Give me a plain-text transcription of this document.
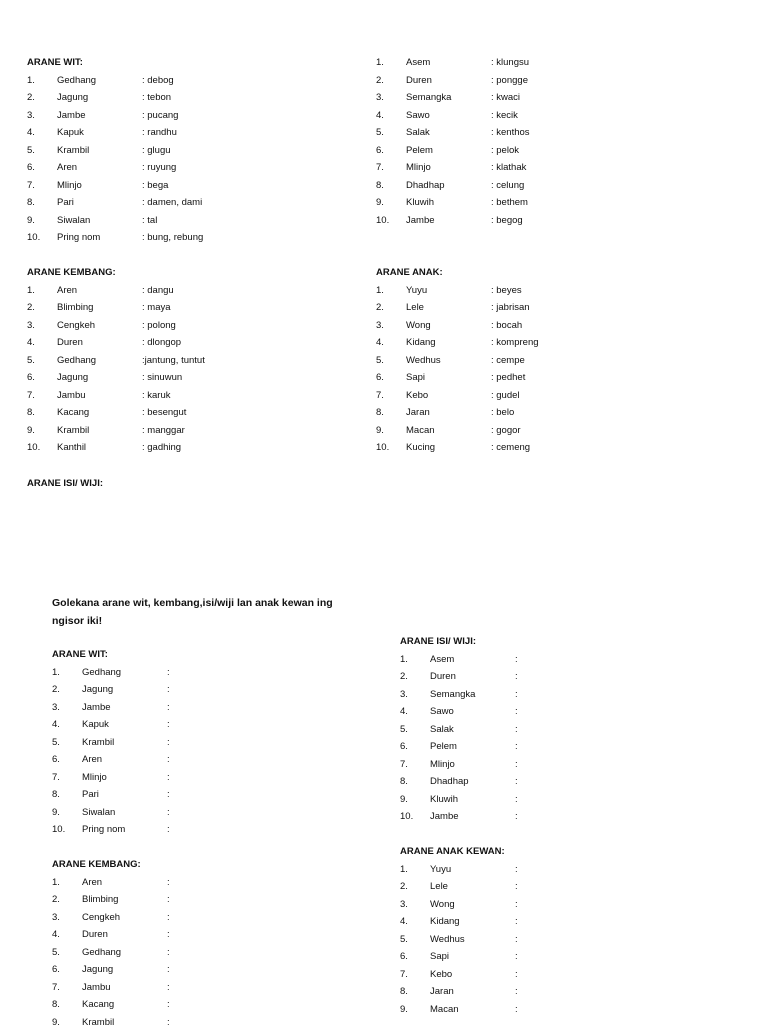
ARANE WIT:
1. Gedhang	: debog
2. Jagung	: tebon
3. Jambe	: pucang
4. Kapuk	: randhu
5. Krambil	: glugu
6. Aren	: ruyung
7. Mlinjo	: bega
8. Pari	: damen, dami
9. Siwalan	: tal
10. Pring nom	: bung, rebung
1. Asem	: klungsu
2. Duren	: pongge
3. Semangka	: kwaci
4. Sawo	: kecik
5. Salak	: kenthos
6. Pelem	: pelok
7. Mlinjo	: klathak
8. Dhadhap	: celung
9. Kluwih	: bethem
10. Jambe	: begog
ARANE KEMBANG:
1. Aren	: dangu
2. Blimbing	: maya
3. Cengkeh	: polong
4. Duren	: dlongop
5. Gedhang	:jantung, tuntut
6. Jagung	: sinuwun
7. Jambu	: karuk
8. Kacang	: besengut
9. Krambil	: manggar
10. Kanthil	: gadhing
ARANE ANAK:
1. Yuyu	: beyes
2. Lele	: jabrisan
3. Wong	: bocah
4. Kidang	: kompreng
5. Wedhus	: cempe
6. Sapi	: pedhet
7. Kebo	: gudel
8. Jaran	: belo
9. Macan	: gogor
10. Kucing	: cemeng
ARANE ISI/ WIJI:
Golekana arane wit, kembang,isi/wiji lan anak kewan ing ngisor iki!
ARANE WIT:
1. Gedhang	:
2. Jagung	:
3. Jambe	:
4. Kapuk	:
5. Krambil	:
6. Aren	:
7. Mlinjo	:
8. Pari	:
9. Siwalan	:
10. Pring nom	:
ARANE KEMBANG:
1. Aren	:
2. Blimbing	:
3. Cengkeh	:
4. Duren	:
5. Gedhang	:
6. Jagung	:
7. Jambu	:
8. Kacang	:
9. Krambil	:
ARANE ISI/ WIJI:
1. Asem	:
2. Duren	:
3. Semangka	:
4. Sawo	:
5. Salak	:
6. Pelem	:
7. Mlinjo	:
8. Dhadhap	:
9. Kluwih	:
10. Jambe	:
ARANE ANAK KEWAN:
1. Yuyu	:
2. Lele	:
3. Wong	:
4. Kidang	:
5. Wedhus	:
6. Sapi	:
7. Kebo	:
8. Jaran	:
9. Macan	:
